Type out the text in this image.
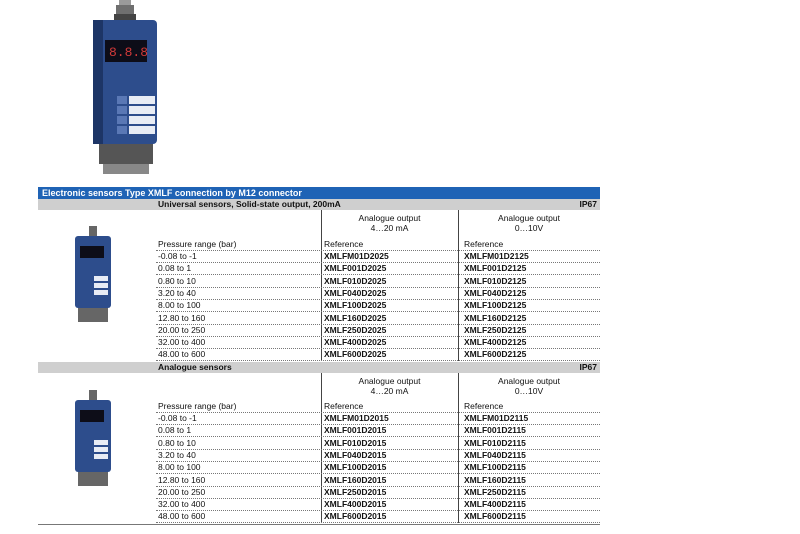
8.8.8
Electronic sensors Type XMLF connection by M12 connector
Universal sensors, Solid-state output, 200mA	IP67
Analogue output
4…20 mA
Analogue output
0…10V
Pressure range (bar)	Reference	Reference
-0.08 to -1	XMLFM01D2025	XMLFM01D2125
0.08 to 1	XMLF001D2025	XMLF001D2125
0.80 to 10	XMLF010D2025	XMLF010D2125
3.20 to 40	XMLF040D2025	XMLF040D2125
8.00 to 100	XMLF100D2025	XMLF100D2125
12.80 to 160	XMLF160D2025	XMLF160D2125
20.00 to 250	XMLF250D2025	XMLF250D2125
32.00 to 400	XMLF400D2025	XMLF400D2125
48.00 to 600	XMLF600D2025	XMLF600D2125
Analogue sensors	IP67
Analogue output
4…20 mA
Analogue output
0…10V
Pressure range (bar)	Reference	Reference
-0.08 to -1	XMLFM01D2015	XMLFM01D2115
0.08 to 1	XMLF001D2015	XMLF001D2115
0.80 to 10	XMLF010D2015	XMLF010D2115
3.20 to 40	XMLF040D2015	XMLF040D2115
8.00 to 100	XMLF100D2015	XMLF100D2115
12.80 to 160	XMLF160D2015	XMLF160D2115
20.00 to 250	XMLF250D2015	XMLF250D2115
32.00 to 400	XMLF400D2015	XMLF400D2115
48.00 to 600	XMLF600D2015	XMLF600D2115
